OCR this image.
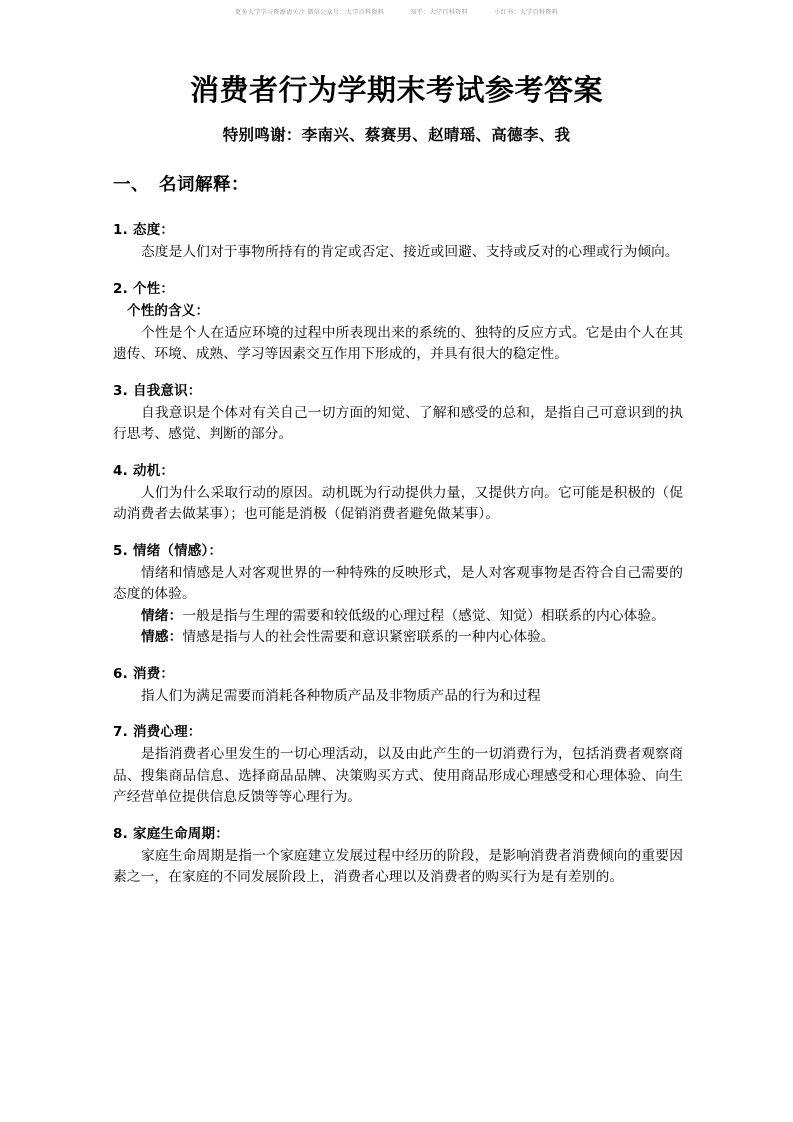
更多大学学习资源请关注 微信公众号：大学百科资料	知乎：大学百科资料	小红书：大学百科资料
消费者行为学期末考试参考答案
特别鸣谢：李南兴、蔡赛男、赵晴瑶、高德李、我
一、 名词解释：
1. 态度：

态度是人们对于事物所持有的肯定或否定、接近或回避、支持或反对的心理或行为倾向。

2. 个性：
个性的含义：

个性是个人在适应环境的过程中所表现出来的系统的、独特的反应方式。它是由个人在其遗传、环境、成熟、学习等因素交互作用下形成的，并具有很大的稳定性。

3. 自我意识：

自我意识是个体对有关自己一切方面的知觉、了解和感受的总和，是指自己可意识到的执行思考、感觉、判断的部分。

4. 动机：

人们为什么采取行动的原因。动机既为行动提供力量，又提供方向。它可能是积极的（促动消费者去做某事）；也可能是消极（促销消费者避免做某事）。

5. 情绪（情感）：

情绪和情感是人对客观世界的一种特殊的反映形式，是人对客观事物是否符合自己需要的态度的体验。

情绪：一般是指与生理的需要和较低级的心理过程（感觉、知觉）相联系的内心体验。

情感：情感是指与人的社会性需要和意识紧密联系的一种内心体验。

6. 消费：

指人们为满足需要而消耗各种物质产品及非物质产品的行为和过程

7. 消费心理：

是指消费者心里发生的一切心理活动，以及由此产生的一切消费行为，包括消费者观察商品、搜集商品信息、选择商品品牌、决策购买方式、使用商品形成心理感受和心理体验、向生产经营单位提供信息反馈等等心理行为。

8. 家庭生命周期：

家庭生命周期是指一个家庭建立发展过程中经历的阶段，是影响消费者消费倾向的重要因素之一，在家庭的不同发展阶段上，消费者心理以及消费者的购买行为是有差别的。
